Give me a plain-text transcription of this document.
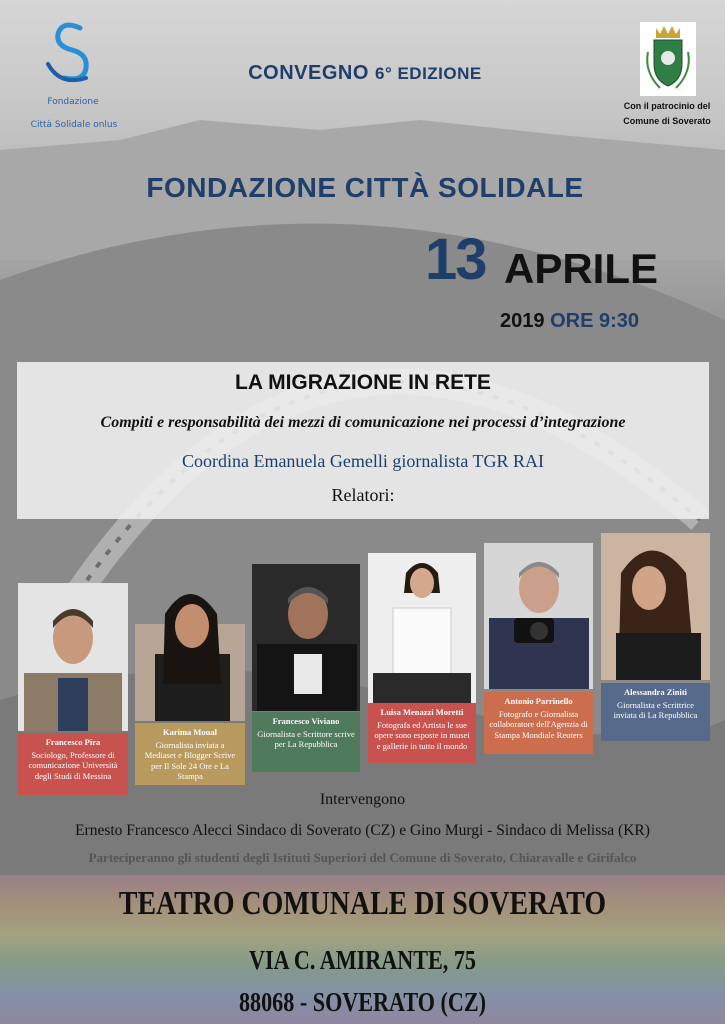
Fondazione
Città Solidale onlus
Con il patrocinio del
Comune di Soverato
CONVEGNO 6° EDIZIONE
FONDAZIONE CITTÀ SOLIDALE
13 APRILE
2019 ORE 9:30
LA MIGRAZIONE IN RETE
Compiti e responsabilità dei mezzi di comunicazione nei processi d’integrazione
Coordina Emanuela Gemelli giornalista TGR RAI
Relatori:
Francesco Pira
Sociologo, Professore di comunicazione Università degli Studi di Messina
Karima Moual
Giornalista inviata a Mediaset e Blogger Scrive per Il Sole 24 Ore e La Stampa
Francesco Viviano
Giornalista e Scrittore scrive per La Repubblica
Luisa Menazzi Moretti
Fotografa ed Artista le sue opere sono esposte in musei e gallerie in tutto il mondo
Antonio Parrinello
Fotografo e Giornalista collaboratore dell'Agenzia di Stampa Mondiale Reuters
Alessandra Ziniti
Giornalista e Scrittrice inviata di La Repubblica
Intervengono
Ernesto Francesco Alecci Sindaco di Soverato (CZ) e Gino Murgi - Sindaco di Melissa (KR)
Parteciperanno gli studenti degli Istituti Superiori del Comune di Soverato, Chiaravalle e Girifalco
TEATRO COMUNALE DI SOVERATO
VIA C. AMIRANTE, 75
88068 - SOVERATO (CZ)
